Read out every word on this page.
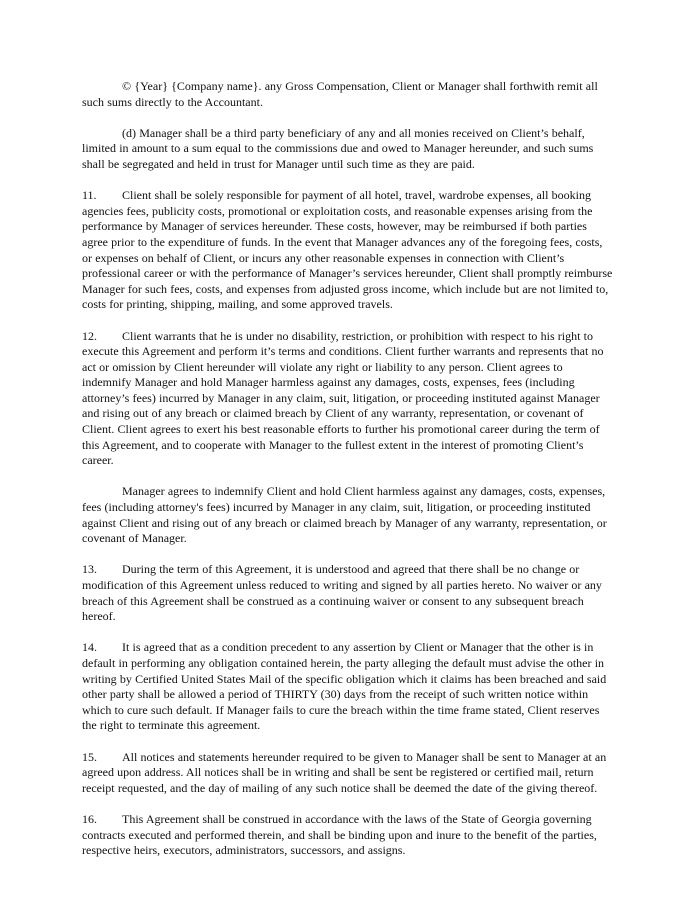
© {Year} {Company name}. any Gross Compensation, Client or Manager shall forthwith remit all such sums directly to the Accountant.

(d) Manager shall be a third party beneficiary of any and all monies received on Client’s behalf, limited in amount to a sum equal to the commissions due and owed to Manager hereunder, and such sums shall be segregated and held in trust for Manager until such time as they are paid.

11. Client shall be solely responsible for payment of all hotel, travel, wardrobe expenses, all booking agencies fees, publicity costs, promotional or exploitation costs, and reasonable expenses arising from the performance by Manager of services hereunder. These costs, however, may be reimbursed if both parties agree prior to the expenditure of funds. In the event that Manager advances any of the foregoing fees, costs, or expenses on behalf of Client, or incurs any other reasonable expenses in connection with Client’s professional career or with the performance of Manager’s services hereunder, Client shall promptly reimburse Manager for such fees, costs, and expenses from adjusted gross income, which include but are not limited to, costs for printing, shipping, mailing, and some approved travels.

12. Client warrants that he is under no disability, restriction, or prohibition with respect to his right to execute this Agreement and perform it’s terms and conditions. Client further warrants and represents that no act or omission by Client hereunder will violate any right or liability to any person. Client agrees to indemnify Manager and hold Manager harmless against any damages, costs, expenses, fees (including attorney’s fees) incurred by Manager in any claim, suit, litigation, or proceeding instituted against Manager and rising out of any breach or claimed breach by Client of any warranty, representation, or covenant of Client. Client agrees to exert his best reasonable efforts to further his promotional career during the term of this Agreement, and to cooperate with Manager to the fullest extent in the interest of promoting Client’s career.

Manager agrees to indemnify Client and hold Client harmless against any damages, costs, expenses, fees (including attorney's fees) incurred by Manager in any claim, suit, litigation, or proceeding instituted against Client and rising out of any breach or claimed breach by Manager of any warranty, representation, or covenant of Manager.

13. During the term of this Agreement, it is understood and agreed that there shall be no change or modification of this Agreement unless reduced to writing and signed by all parties hereto. No waiver or any breach of this Agreement shall be construed as a continuing waiver or consent to any subsequent breach hereof.

14. It is agreed that as a condition precedent to any assertion by Client or Manager that the other is in default in performing any obligation contained herein, the party alleging the default must advise the other in writing by Certified United States Mail of the specific obligation which it claims has been breached and said other party shall be allowed a period of THIRTY (30) days from the receipt of such written notice within which to cure such default. If Manager fails to cure the breach within the time frame stated, Client reserves the right to terminate this agreement.

15. All notices and statements hereunder required to be given to Manager shall be sent to Manager at an agreed upon address. All notices shall be in writing and shall be sent be registered or certified mail, return receipt requested, and the day of mailing of any such notice shall be deemed the date of the giving thereof.

16. This Agreement shall be construed in accordance with the laws of the State of Georgia governing contracts executed and performed therein, and shall be binding upon and inure to the benefit of the parties, respective heirs, executors, administrators, successors, and assigns.
